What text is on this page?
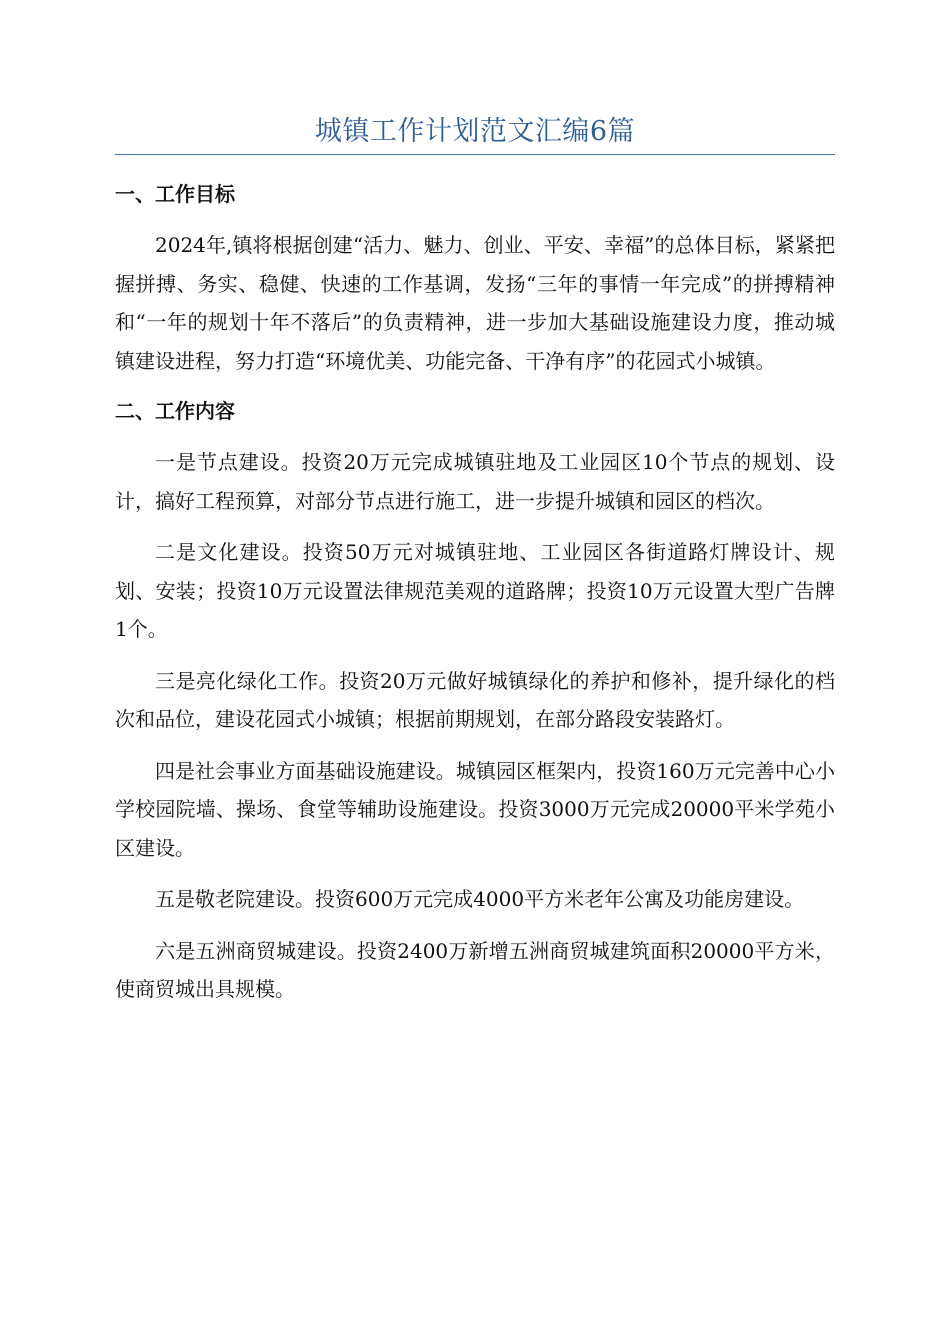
城镇工作计划范文汇编6篇
一、工作目标

2024年,镇将根据创建“活力、魅力、创业、平安、幸福”的总体目标，紧紧把握拼搏、务实、稳健、快速的工作基调，发扬“三年的事情一年完成”的拼搏精神和“一年的规划十年不落后”的负责精神，进一步加大基础设施建设力度，推动城镇建设进程，努力打造“环境优美、功能完备、干净有序”的花园式小城镇。

二、工作内容

一是节点建设。投资20万元完成城镇驻地及工业园区10个节点的规划、设计，搞好工程预算，对部分节点进行施工，进一步提升城镇和园区的档次。

二是文化建设。投资50万元对城镇驻地、工业园区各街道路灯牌设计、规划、安装；投资10万元设置法律规范美观的道路牌；投资10万元设置大型广告牌1个。

三是亮化绿化工作。投资20万元做好城镇绿化的养护和修补，提升绿化的档次和品位，建设花园式小城镇；根据前期规划，在部分路段安装路灯。

四是社会事业方面基础设施建设。城镇园区框架内，投资160万元完善中心小学校园院墙、操场、食堂等辅助设施建设。投资3000万元完成20000平米学苑小区建设。

五是敬老院建设。投资600万元完成4000平方米老年公寓及功能房建设。

六是五洲商贸城建设。投资2400万新增五洲商贸城建筑面积20000平方米，使商贸城出具规模。
